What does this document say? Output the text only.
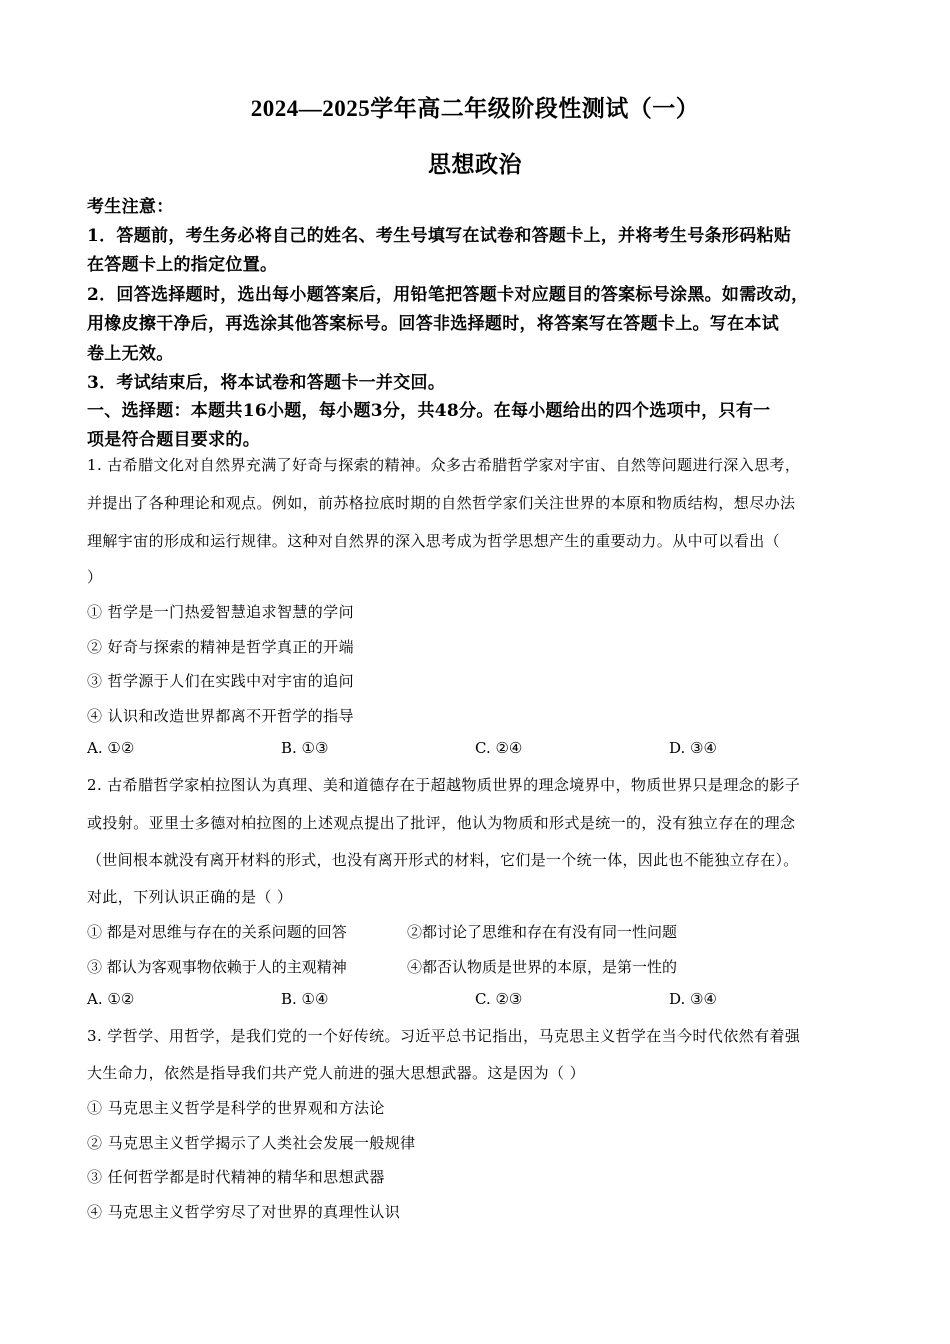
2024—2025学年高二年级阶段性测试（一）
思想政治
考生注意：
1．答题前，考生务必将自己的姓名、考生号填写在试卷和答题卡上，并将考生号条形码粘贴
在答题卡上的指定位置。
2．回答选择题时，选出每小题答案后，用铅笔把答题卡对应题目的答案标号涂黑。如需改动，
用橡皮擦干净后，再选涂其他答案标号。回答非选择题时，将答案写在答题卡上。写在本试
卷上无效。
3．考试结束后，将本试卷和答题卡一并交回。
一、选择题：本题共16小题，每小题3分，共48分。在每小题给出的四个选项中，只有一
项是符合题目要求的。
1. 古希腊文化对自然界充满了好奇与探索的精神。众多古希腊哲学家对宇宙、自然等问题进行深入思考，
并提出了各种理论和观点。例如，前苏格拉底时期的自然哲学家们关注世界的本原和物质结构，想尽办法
理解宇宙的形成和运行规律。这种对自然界的深入思考成为哲学思想产生的重要动力。从中可以看出（
）
① 哲学是一门热爱智慧追求智慧的学问
② 好奇与探索的精神是哲学真正的开端
③ 哲学源于人们在实践中对宇宙的追问
④ 认识和改造世界都离不开哲学的指导
A. ①②	B. ①③	C. ②④	D. ③④
2. 古希腊哲学家柏拉图认为真理、美和道德存在于超越物质世界的理念境界中，物质世界只是理念的影子
或投射。亚里士多德对柏拉图的上述观点提出了批评，他认为物质和形式是统一的，没有独立存在的理念
（世间根本就没有离开材料的形式，也没有离开形式的材料，它们是一个统一体，因此也不能独立存在）。
对此，下列认识正确的是（ ）
① 都是对思维与存在的关系问题的回答	②都讨论了思维和存在有没有同一性问题
③ 都认为客观事物依赖于人的主观精神	④都否认物质是世界的本原，是第一性的
A. ①②	B. ①④	C. ②③	D. ③④
3. 学哲学、用哲学，是我们党的一个好传统。习近平总书记指出，马克思主义哲学在当今时代依然有着强
大生命力，依然是指导我们共产党人前进的强大思想武器。这是因为（ ）
① 马克思主义哲学是科学的世界观和方法论
② 马克思主义哲学揭示了人类社会发展一般规律
③ 任何哲学都是时代精神的精华和思想武器
④ 马克思主义哲学穷尽了对世界的真理性认识
